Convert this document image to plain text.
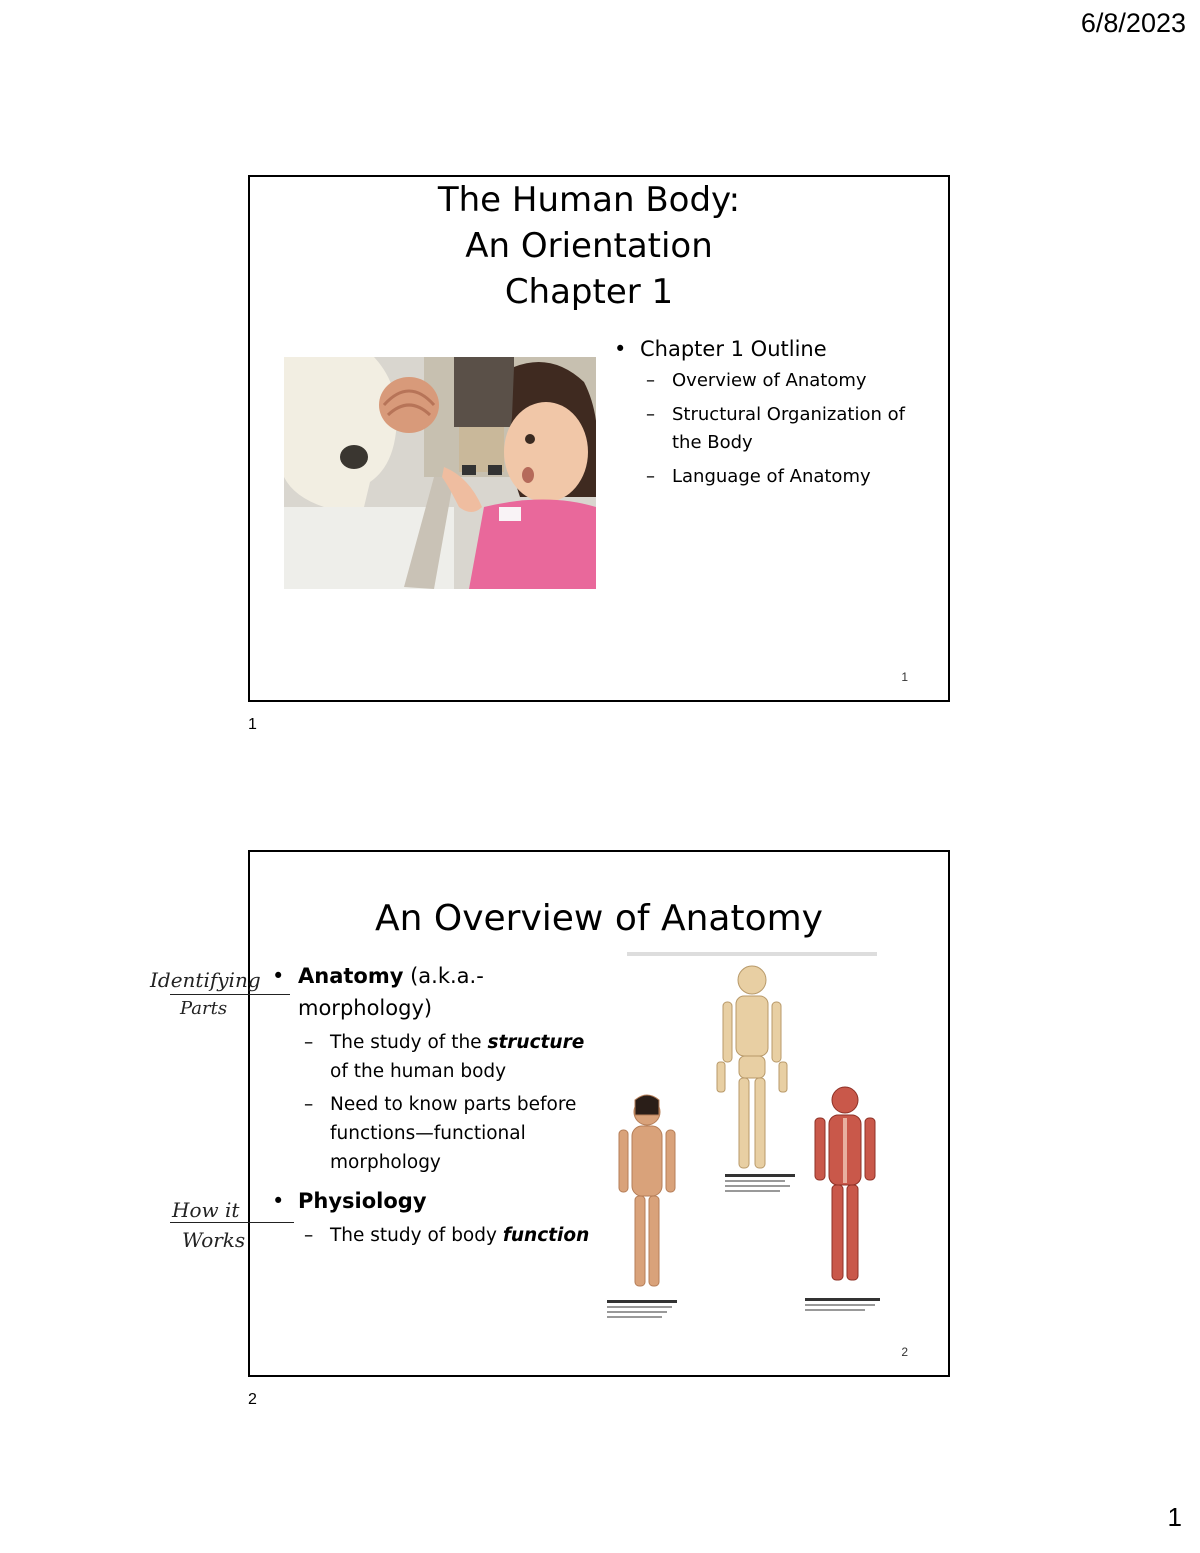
6/8/2023
The Human Body:
An Orientation
Chapter 1
• Chapter 1 Outline
– Overview of Anatomy
– Structural Organization of the Body
– Language of Anatomy
1
1
An Overview of Anatomy
• Anatomy (a.k.a.- morphology)
– The study of the structure of the human body
– Need to know parts before functions—functional morphology
• Physiology
– The study of body function
2
2
Identifying
Parts
How it
Works
1
